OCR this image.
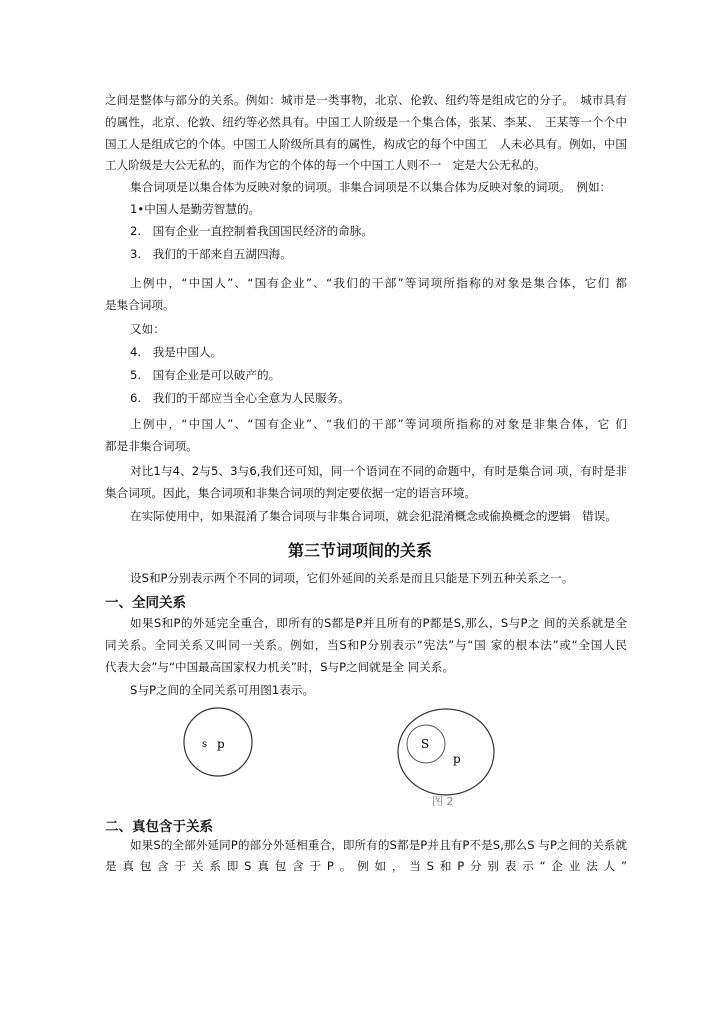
之间是整体与部分的关系。例如：城市是一类事物，北京、伦敦、纽约等是组成它的分子。　城市具有
的属性，北京、伦敦、纽约等必然具有。中国工人阶级是一个集合体，张某、李某、　王某等一个个中
国工人是组成它的个体。中国工人阶级所具有的属性，构成它的每个中国工　人未必具有。例如，中国
工人阶级是大公无私的，而作为它的个体的每一个中国工人则不一　定是大公无私的。
集合词项是以集合体为反映对象的词项。非集合词项是不以集合体为反映对象的词项。　例如：
1•中国人是勤劳智慧的。
2.　国有企业一直控制着我国国民经济的命脉。
3.　我们的干部来自五湖四海。
上例中，“中国人”、“国有企业”、“我们的干部”等词项所指称的对象是集合体，它们 都
是集合词项。
又如：
4.　我是中国人。
5.　国有企业是可以破产的。
6.　我们的干部应当全心全意为人民服务。
上例中，“中国人”、“国有企业”、“我们的干部”等词项所指称的对象是非集合体，它 们
都是非集合词项。
对比1与4、2与5、3与6,我们还可知，同一个语词在不同的命题中，有时是集合词 项，有时是非
集合词项。因此，集合词项和非集合词项的判定要依据一定的语言环境。
在实际使用中，如果混淆了集合词项与非集合词项，就会犯混淆概念或偷换概念的逻辑　错误。
第三节词项间的关系
设S和P分别表示两个不同的词项，它们外延间的关系是而且只能是下列五种关系之一。
一、全同关系
如果S和P的外延完全重合，即所有的S都是P并且所有的P都是S,那么，S与P之 间的关系就是全
同关系。全同关系又叫同一关系。例如，当S和P分别表示“宪法”与“国 家的根本法”或“全国人民
代表大会”与“中国最高国家权力机关”时，S与P之间就是全 同关系。
S与P之间的全同关系可用图1表示。
s p	S
p
图 2
二、真包含于关系
如果S的全部外延同P的部分外延相重合，即所有的S都是P并且有P不是S,那么S 与P之间的关系就
是真包含于关系即S真包含于P。例如，当S和P分别表示“企业法人”
